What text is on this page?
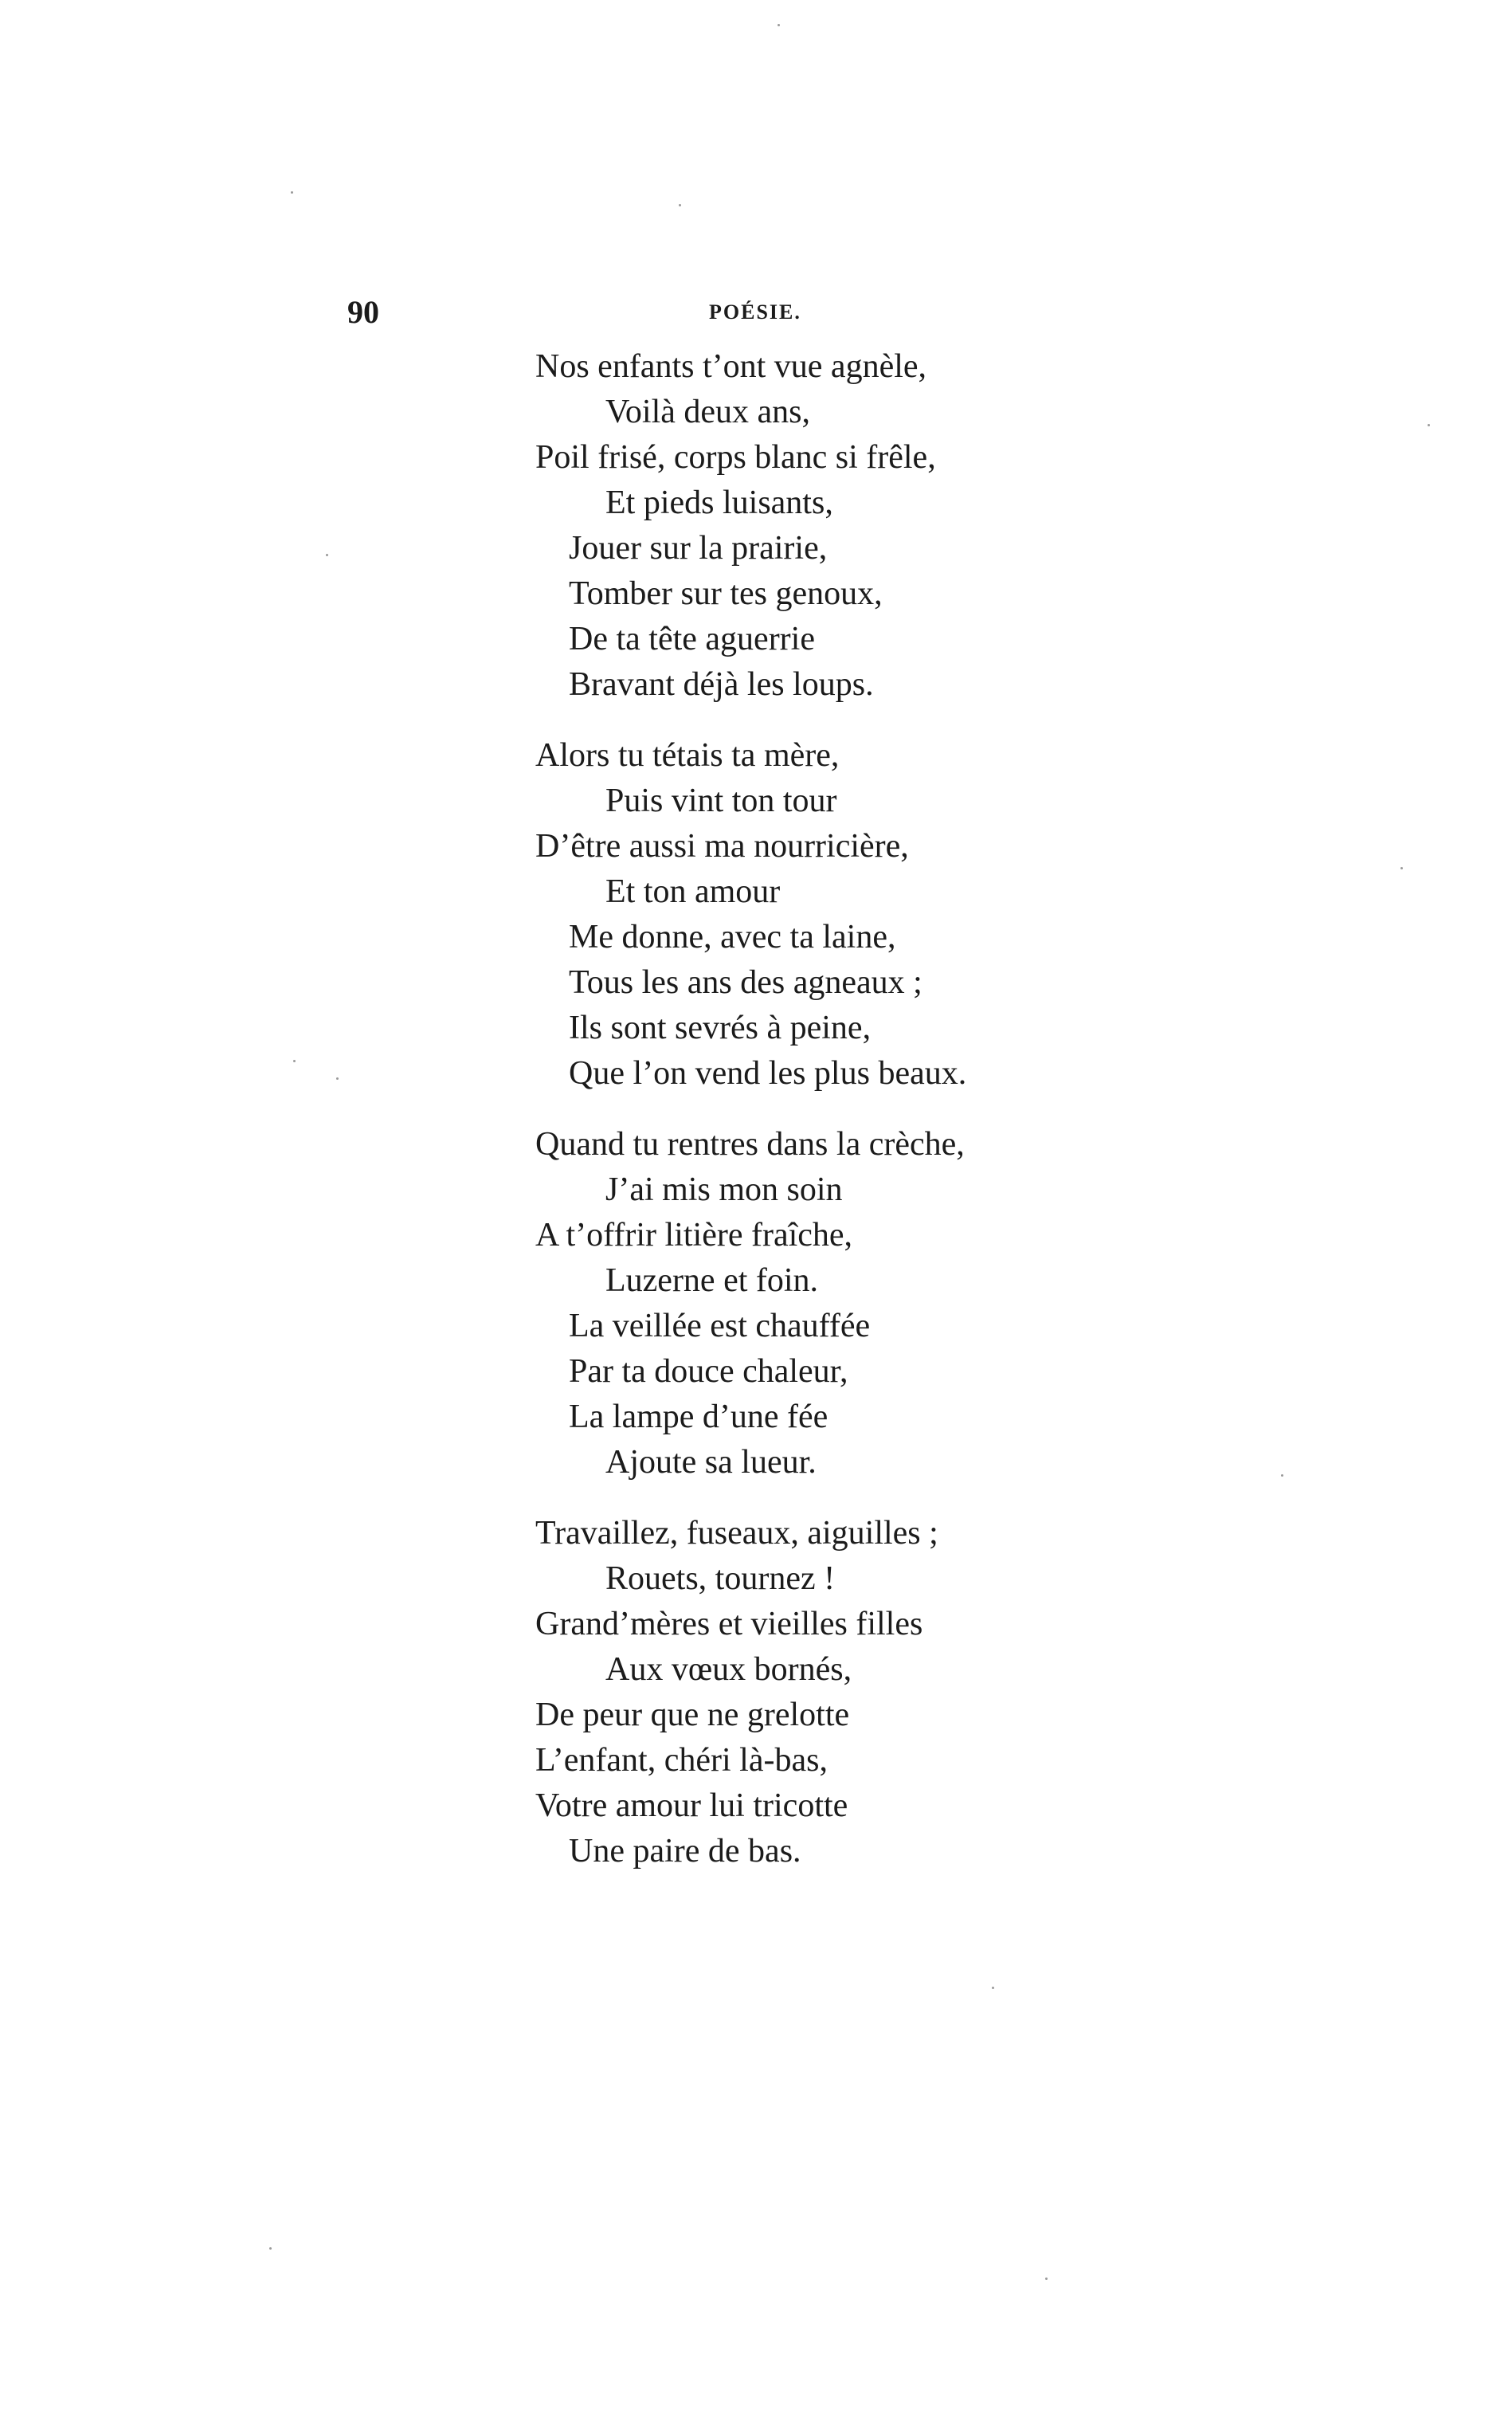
90	POÉSIE.
Nos enfants t’ont vue agnèle,
Voilà deux ans,
Poil frisé, corps blanc si frêle,
Et pieds luisants,
Jouer sur la prairie,
Tomber sur tes genoux,
De ta tête aguerrie
Bravant déjà les loups.
Alors tu tétais ta mère,
Puis vint ton tour
D’être aussi ma nourricière,
Et ton amour
Me donne, avec ta laine,
Tous les ans des agneaux ;
Ils sont sevrés à peine,
Que l’on vend les plus beaux.
Quand tu rentres dans la crèche,
J’ai mis mon soin
A t’offrir litière fraîche,
Luzerne et foin.
La veillée est chauffée
Par ta douce chaleur,
La lampe d’une fée
Ajoute sa lueur.
Travaillez, fuseaux, aiguilles ;
Rouets, tournez !
Grand’mères et vieilles filles
Aux vœux bornés,
De peur que ne grelotte
L’enfant, chéri là-bas,
Votre amour lui tricotte
Une paire de bas.
